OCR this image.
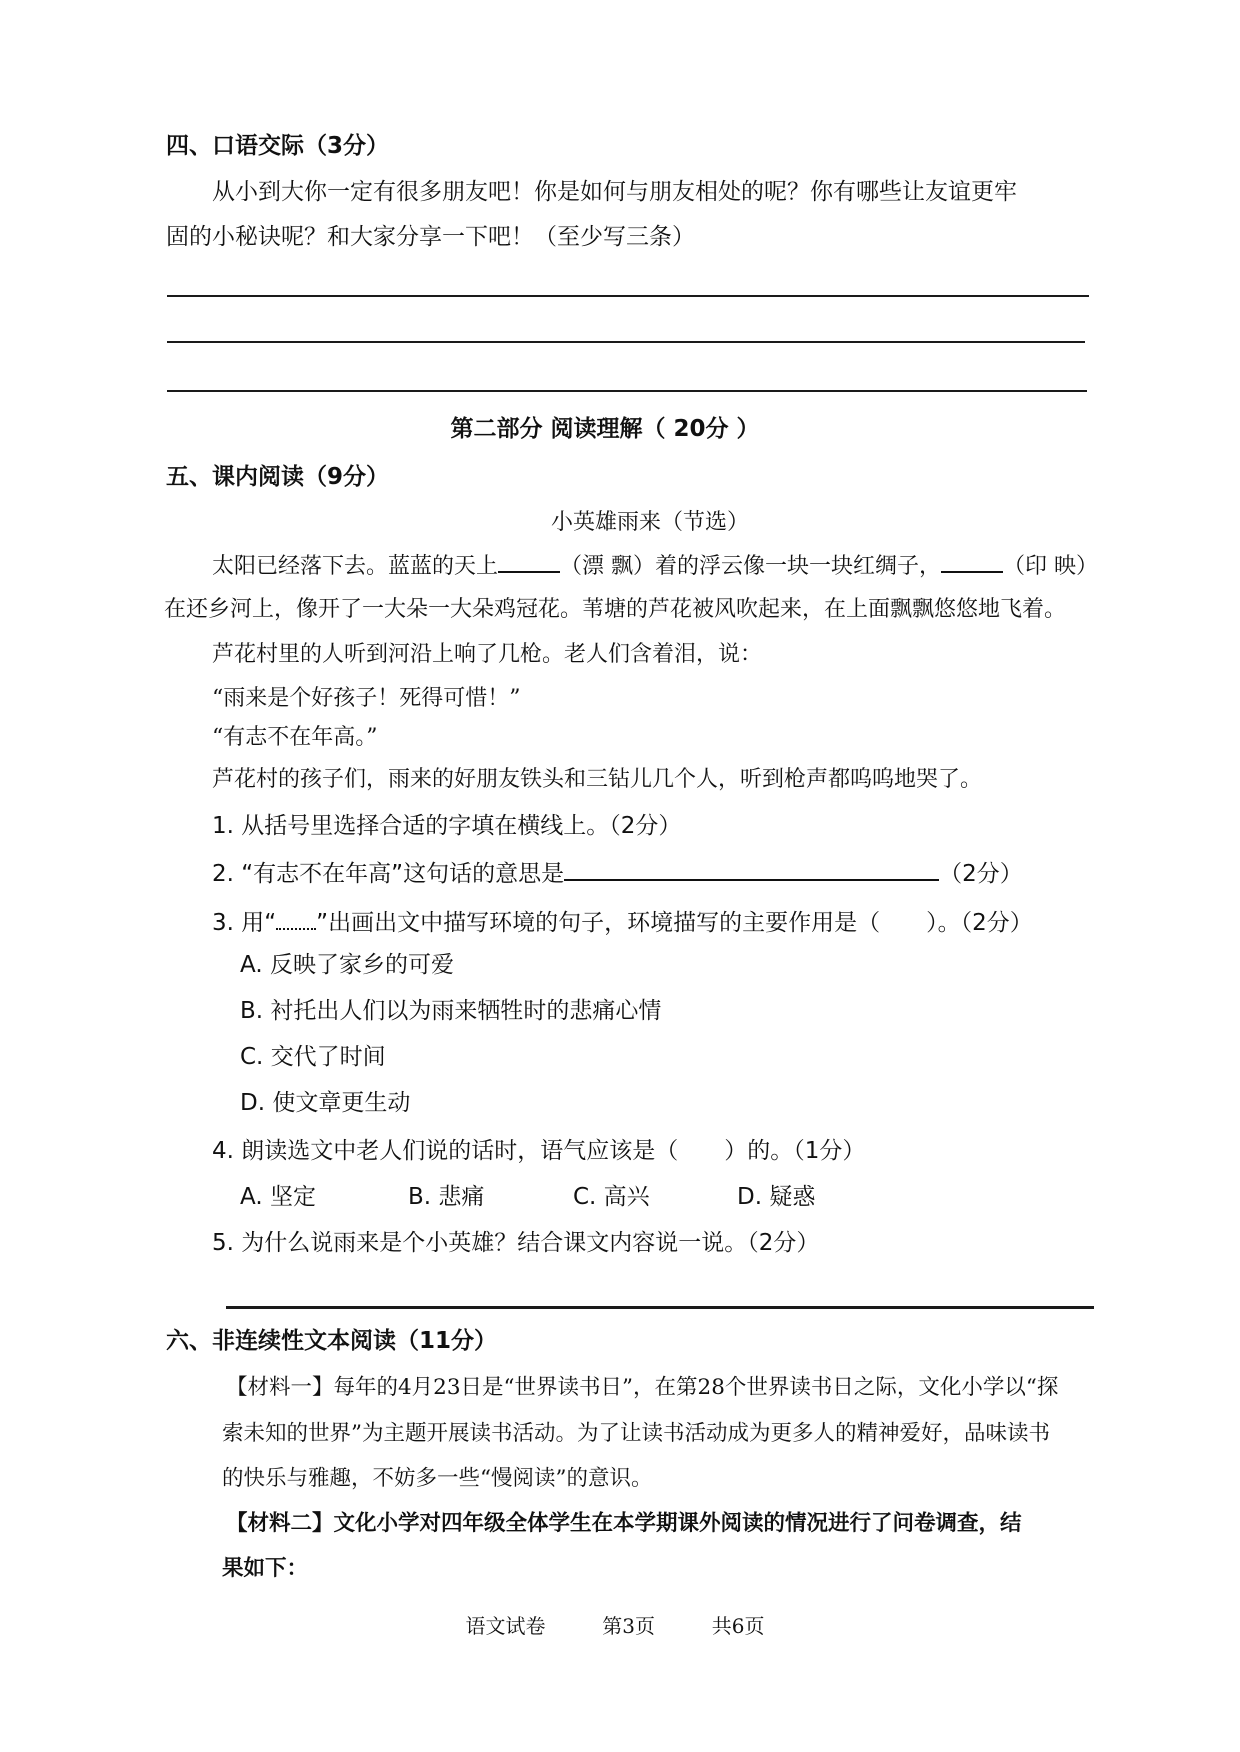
四、口语交际（3分）
从小到大你一定有很多朋友吧！你是如何与朋友相处的呢？你有哪些让友谊更牢
固的小秘诀呢？和大家分享一下吧！（至少写三条）
第二部分 阅读理解（ 20分 ）
五、课内阅读（9分）
小英雄雨来（节选）
太阳已经落下去。蓝蓝的天上	（漂 飘）着的浮云像一块一块红绸子，	（印 映）
在还乡河上，像开了一大朵一大朵鸡冠花。苇塘的芦花被风吹起来，在上面飘飘悠悠地飞着。
芦花村里的人听到河沿上响了几枪。老人们含着泪，说：
“雨来是个好孩子！死得可惜！”
“有志不在年高。”
芦花村的孩子们，雨来的好朋友铁头和三钻儿几个人，听到枪声都呜呜地哭了。
1. 从括号里选择合适的字填在横线上。（2分）
2. “有志不在年高”这句话的意思是	（2分）
3. 用“ ”出画出文中描写环境的句子，环境描写的主要作用是（　　）。（2分）
A. 反映了家乡的可爱
B. 衬托出人们以为雨来牺牲时的悲痛心情
C. 交代了时间
D. 使文章更生动
4. 朗读选文中老人们说的话时，语气应该是（　　）的。（1分）
A. 坚定	B. 悲痛	C. 高兴	D. 疑惑
5. 为什么说雨来是个小英雄？结合课文内容说一说。（2分）
六、非连续性文本阅读（11分）
【材料一】每年的4月23日是“世界读书日”，在第28个世界读书日之际，文化小学以“探
索未知的世界”为主题开展读书活动。为了让读书活动成为更多人的精神爱好，品味读书
的快乐与雅趣，不妨多一些“慢阅读”的意识。
【材料二】文化小学对四年级全体学生在本学期课外阅读的情况进行了问卷调查，结
果如下：
语文试卷	第3页	共6页
